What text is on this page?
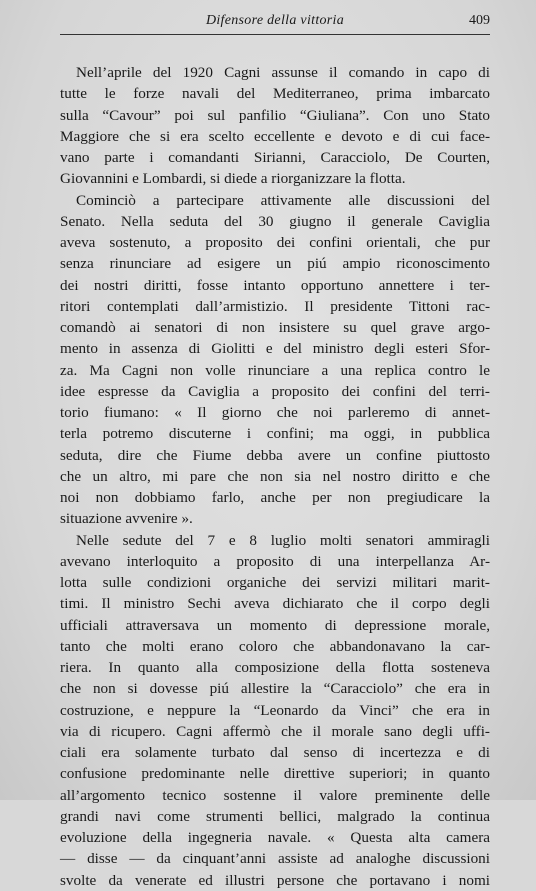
Difensore della vittoria	409
Nell’aprile del 1920 Cagni assunse il comando in capo di
tutte le forze navali del Mediterraneo, prima imbarcato
sulla “Cavour” poi sul panfilio “Giuliana”. Con uno Stato
Maggiore che si era scelto eccellente e devoto e di cui face-
vano parte i comandanti Sirianni, Caracciolo, De Courten,
Giovannini e Lombardi, si diede a riorganizzare la flotta.
Cominciò a partecipare attivamente alle discussioni del
Senato. Nella seduta del 30 giugno il generale Caviglia
aveva sostenuto, a proposito dei confini orientali, che pur
senza rinunciare ad esigere un piú ampio riconoscimento
dei nostri diritti, fosse intanto opportuno annettere i ter-
ritori contemplati dall’armistizio. Il presidente Tittoni rac-
comandò ai senatori di non insistere su quel grave argo-
mento in assenza di Giolitti e del ministro degli esteri Sfor-
za. Ma Cagni non volle rinunciare a una replica contro le
idee espresse da Caviglia a proposito dei confini del terri-
torio fiumano: « Il giorno che noi parleremo di annet-
terla potremo discuterne i confini; ma oggi, in pubblica
seduta, dire che Fiume debba avere un confine piuttosto
che un altro, mi pare che non sia nel nostro diritto e che
noi non dobbiamo farlo, anche per non pregiudicare la
situazione avvenire ».
Nelle sedute del 7 e 8 luglio molti senatori ammiragli
avevano interloquito a proposito di una interpellanza Ar-
lotta sulle condizioni organiche dei servizi militari marit-
timi. Il ministro Sechi aveva dichiarato che il corpo degli
ufficiali attraversava un momento di depressione morale,
tanto che molti erano coloro che abbandonavano la car-
riera. In quanto alla composizione della flotta sosteneva
che non si dovesse piú allestire la “Caracciolo” che era in
costruzione, e neppure la “Leonardo da Vinci” che era in
via di ricupero. Cagni affermò che il morale sano degli uffi-
ciali era solamente turbato dal senso di incertezza e di
confusione predominante nelle direttive superiori; in quanto
all’argomento tecnico sostenne il valore preminente delle
grandi navi come strumenti bellici, malgrado la continua
evoluzione della ingegneria navale. « Questa alta camera
— disse — da cinquant’anni assiste ad analoghe discussioni
svolte da venerate ed illustri persone che portavano i nomi
